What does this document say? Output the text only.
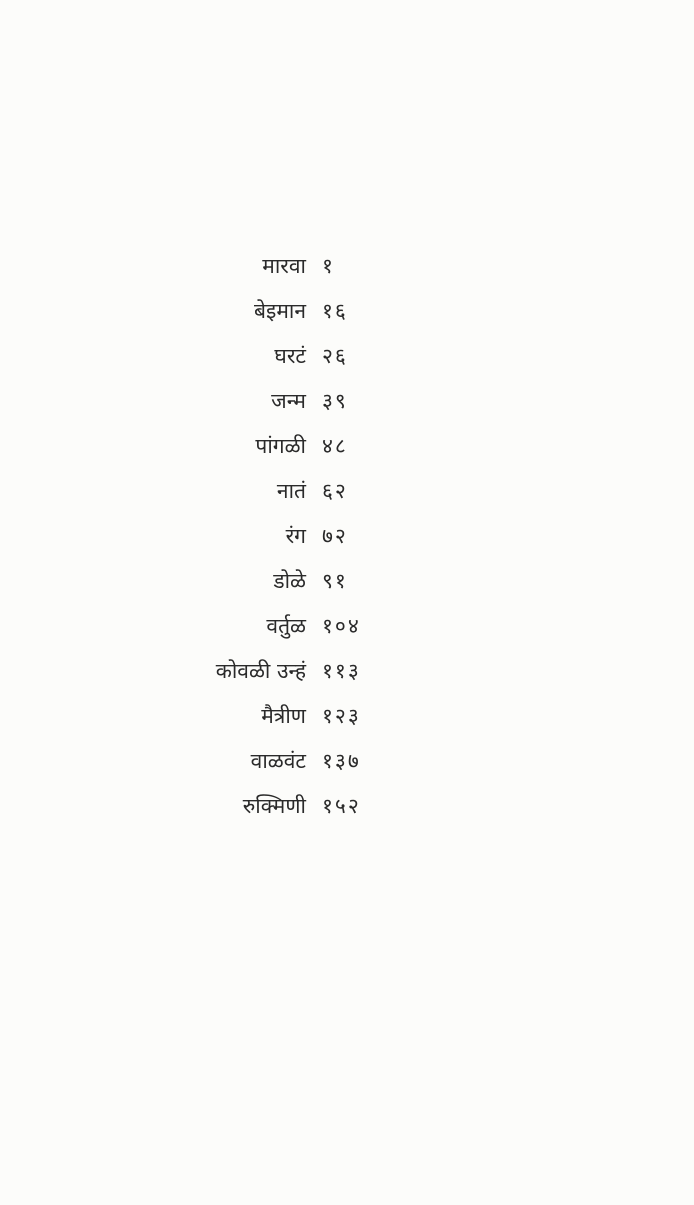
मारवा १
बेइमान १६
घरटं २६
जन्म ३९
पांगळी ४८
नातं ६२
रंग ७२
डोळे ९१
वर्तुळ १०४
कोवळी उन्हं ११३
मैत्रीण १२३
वाळवंट १३७
रुक्मिणी १५२
